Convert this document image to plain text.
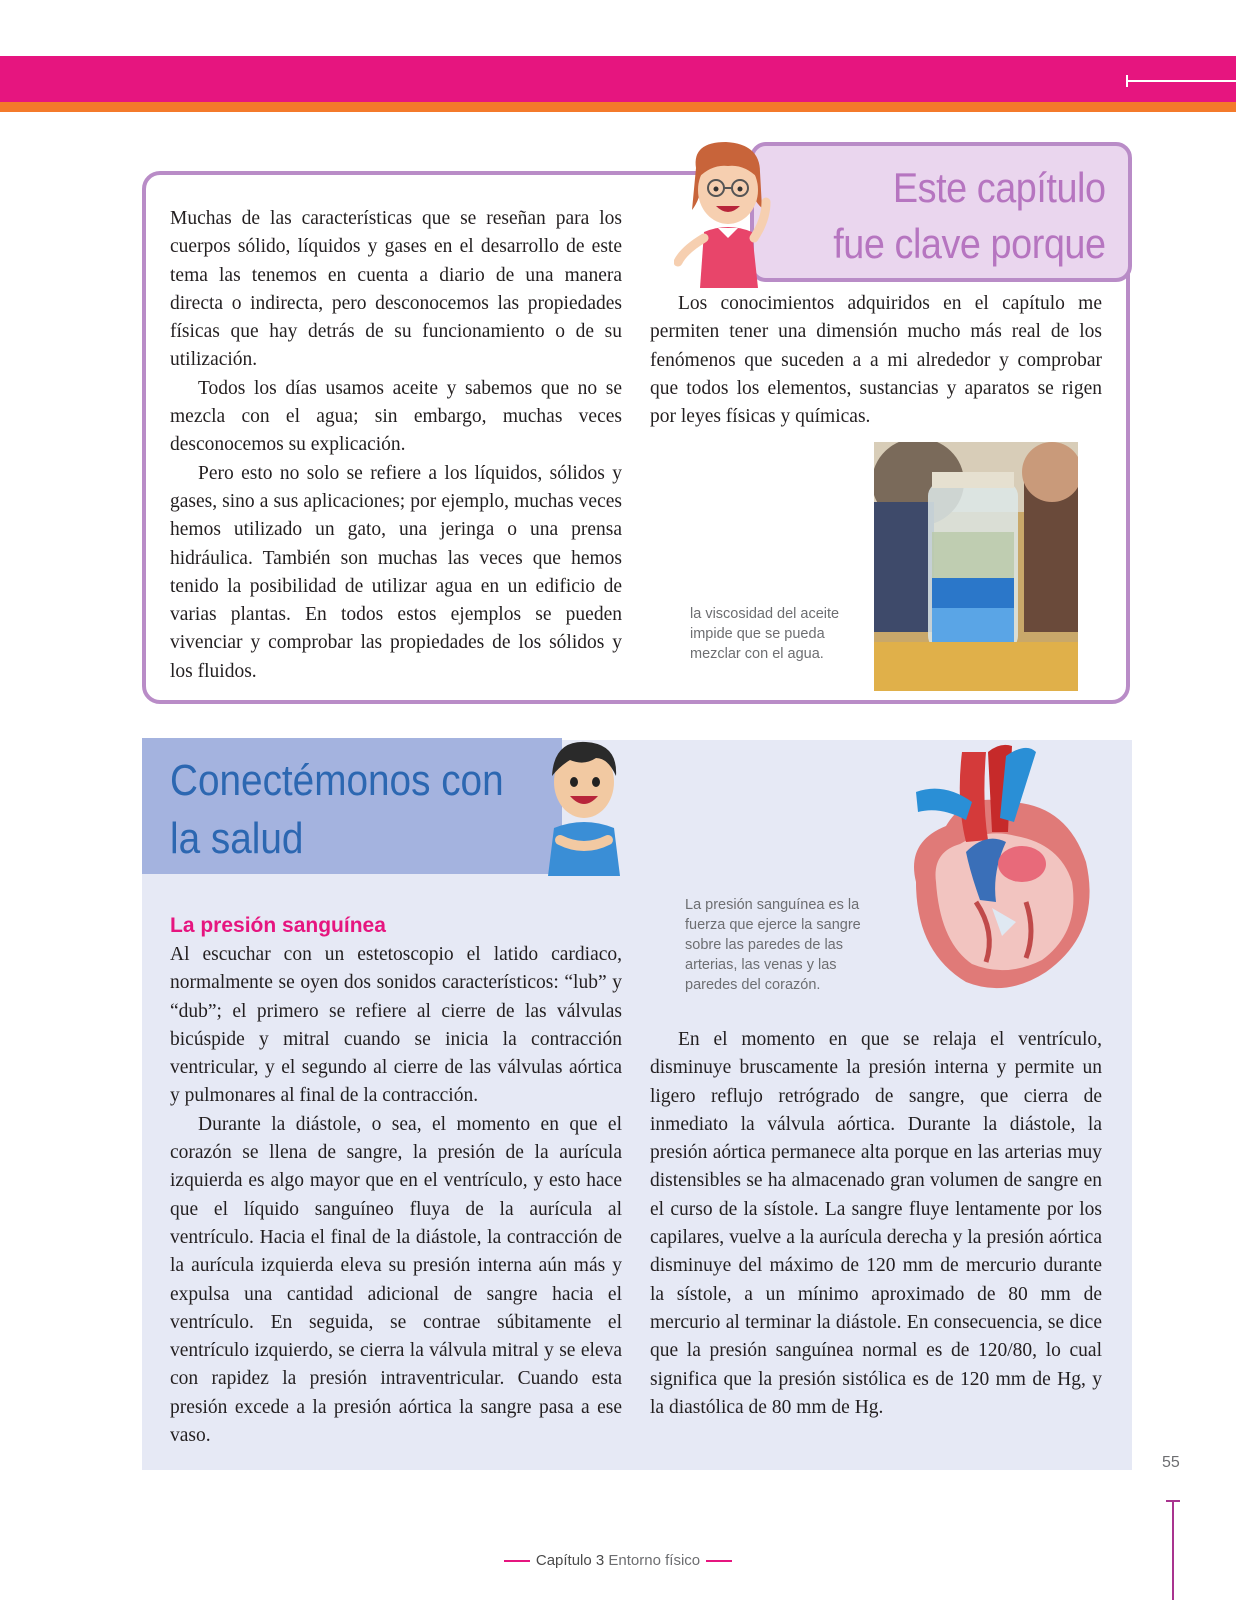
Este capítulo
fue clave porque

Muchas de las características que se reseñan para los cuerpos sólido, líquidos y gases en el desarrollo de este tema las tenemos en cuenta a diario de una manera directa o indirecta, pero desconocemos las propiedades físicas que hay detrás de su funcionamiento o de su utilización.

Todos los días usamos aceite y sabemos que no se mezcla con el agua; sin embargo, muchas veces desconocemos su explicación.

Pero esto no solo se refiere a los líquidos, sólidos y gases, sino a sus aplicaciones; por ejemplo, muchas veces hemos utilizado un gato, una jeringa o una prensa hidráulica. También son muchas las veces que hemos tenido la posibilidad de utilizar agua en un edificio de varias plantas. En todos estos ejemplos se pueden vivenciar y comprobar las propiedades de los sólidos y los fluidos.

Los conocimientos adquiridos en el capítulo me permiten tener una dimensión mucho más real de los fenómenos que suceden a a mi alrededor y comprobar que todos los elementos, sustancias y aparatos se rigen por leyes físicas y químicas.

la viscosidad del aceite impide que se pueda mezclar con el agua.
Conectémonos con
la salud
La presión sanguínea es la fuerza que ejerce la sangre sobre las paredes de las arterias, las venas y las paredes del corazón.
La presión sanguínea

Al escuchar con un estetoscopio el latido cardiaco, normalmente se oyen dos sonidos característicos: “lub” y “dub”; el primero se refiere al cierre de las válvulas bicúspide y mitral cuando se inicia la contracción ventricular, y el segundo al cierre de las válvulas aórtica y pulmonares al final de la contracción.

Durante la diástole, o sea, el momento en que el corazón se llena de sangre, la presión de la aurícula izquierda es algo mayor que en el ventrículo, y esto hace que el líquido sanguíneo fluya de la aurícula al ventrículo. Hacia el final de la diástole, la contracción de la aurícula izquierda eleva su presión interna aún más y expulsa una cantidad adicional de sangre hacia el ventrículo. En seguida, se contrae súbitamente el ventrículo izquierdo, se cierra la válvula mitral y se eleva con rapidez la presión intraventricular. Cuando esta presión excede a la presión aórtica la sangre pasa a ese vaso.

En el momento en que se relaja el ventrículo, disminuye bruscamente la presión interna y permite un ligero reflujo retrógrado de sangre, que cierra de inmediato la válvula aórtica. Durante la diástole, la presión aórtica permanece alta porque en las arterias muy distensibles se ha almacenado gran volumen de sangre en el curso de la sístole. La sangre fluye lentamente por los capilares, vuelve a la aurícula derecha y la presión aórtica disminuye del máximo de 120 mm de mercurio durante la sístole, a un mínimo aproximado de 80 mm de mercurio al terminar la diástole. En consecuencia, se dice que la presión sanguínea normal es de 120/80, lo cual significa que la presión sistólica es de 120 mm de Hg, y la diastólica de 80 mm de Hg.

55
Capítulo 3 Entorno físico
